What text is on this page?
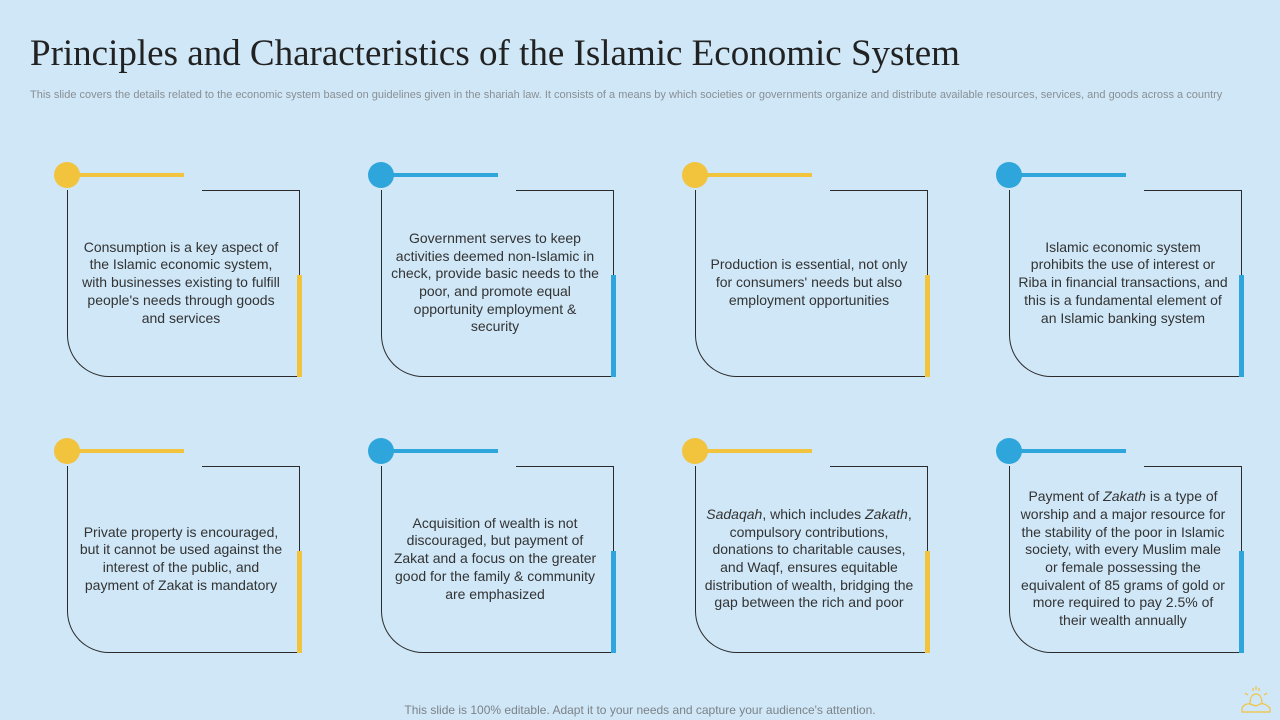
Principles and Characteristics of the Islamic Economic System

This slide covers the details related to the economic system based on guidelines given in the shariah law. It consists of a means by which societies or governments organize and distribute available resources, services, and goods across a country

Consumption is a key aspect of the Islamic economic system, with businesses existing to fulfill people's needs through goods and services
Government serves to keep activities deemed non-Islamic in check, provide basic needs to the poor, and promote equal opportunity employment & security
Production is essential, not only for consumers' needs but also employment opportunities
Islamic economic system prohibits the use of interest or Riba in financial transactions, and this is a fundamental element of an Islamic banking system
Private property is encouraged, but it cannot be used against the interest of the public, and payment of Zakat is mandatory
Acquisition of wealth is not discouraged, but payment of Zakat and a focus on the greater good for the family & community are emphasized
Sadaqah, which includes Zakath, compulsory contributions, donations to charitable causes, and Waqf, ensures equitable distribution of wealth, bridging the gap between the rich and poor
Payment of Zakath is a type of worship and a major resource for the stability of the poor in Islamic society, with every Muslim male or female possessing the equivalent of 85 grams of gold or more required to pay 2.5% of their wealth annually
This slide is 100% editable. Adapt it to your needs and capture your audience's attention.
